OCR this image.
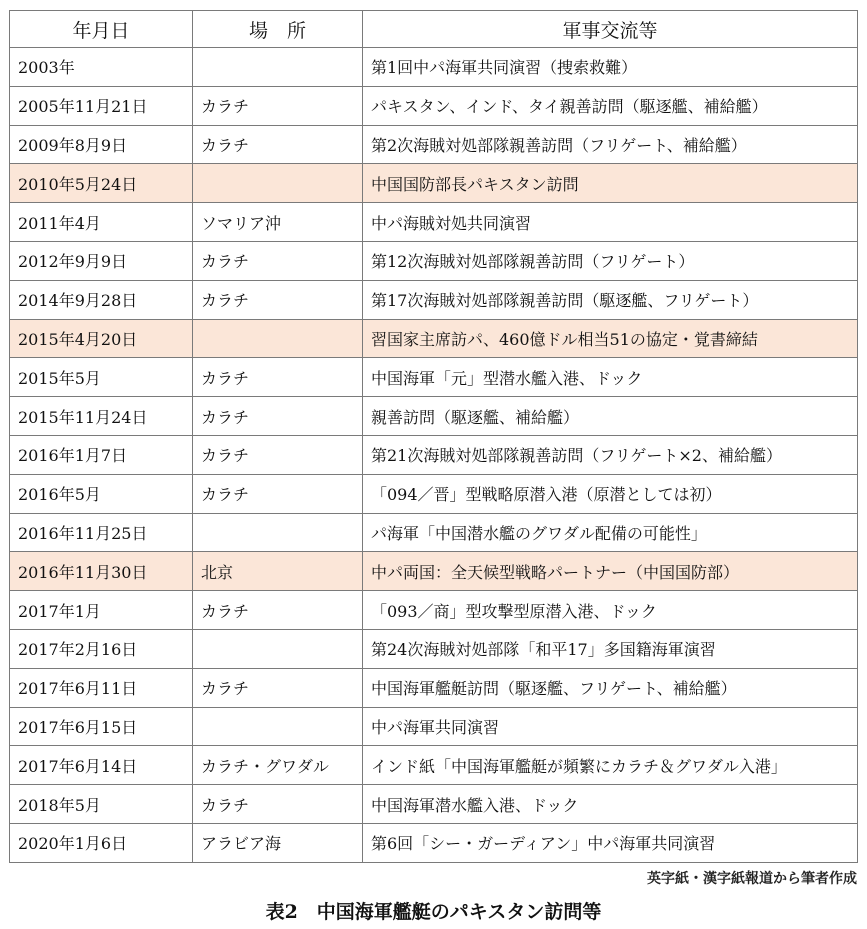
年月日	場　所	軍事交流等
2003年		第1回中パ海軍共同演習（捜索救難）
2005年11月21日	カラチ	パキスタン、インド、タイ親善訪問（駆逐艦、補給艦）
2009年8月9日	カラチ	第2次海賊対処部隊親善訪問（フリゲート、補給艦）
2010年5月24日		中国国防部長パキスタン訪問
2011年4月	ソマリア沖	中パ海賊対処共同演習
2012年9月9日	カラチ	第12次海賊対処部隊親善訪問（フリゲート）
2014年9月28日	カラチ	第17次海賊対処部隊親善訪問（駆逐艦、フリゲート）
2015年4月20日		習国家主席訪パ、460億ドル相当51の協定・覚書締結
2015年5月	カラチ	中国海軍「元」型潜水艦入港、ドック
2015年11月24日	カラチ	親善訪問（駆逐艦、補給艦）
2016年1月7日	カラチ	第21次海賊対処部隊親善訪問（フリゲート×2、補給艦）
2016年5月	カラチ	「094／晋」型戦略原潜入港（原潜としては初）
2016年11月25日		パ海軍「中国潜水艦のグワダル配備の可能性」
2016年11月30日	北京	中パ両国：全天候型戦略パートナー（中国国防部）
2017年1月	カラチ	「093／商」型攻撃型原潜入港、ドック
2017年2月16日		第24次海賊対処部隊「和平17」多国籍海軍演習
2017年6月11日	カラチ	中国海軍艦艇訪問（駆逐艦、フリゲート、補給艦）
2017年6月15日		中パ海軍共同演習
2017年6月14日	カラチ・グワダル	インド紙「中国海軍艦艇が頻繁にカラチ＆グワダル入港」
2018年5月	カラチ	中国海軍潜水艦入港、ドック
2020年1月6日	アラビア海	第6回「シー・ガーディアン」中パ海軍共同演習
英字紙・漢字紙報道から筆者作成
表2　中国海軍艦艇のパキスタン訪問等
